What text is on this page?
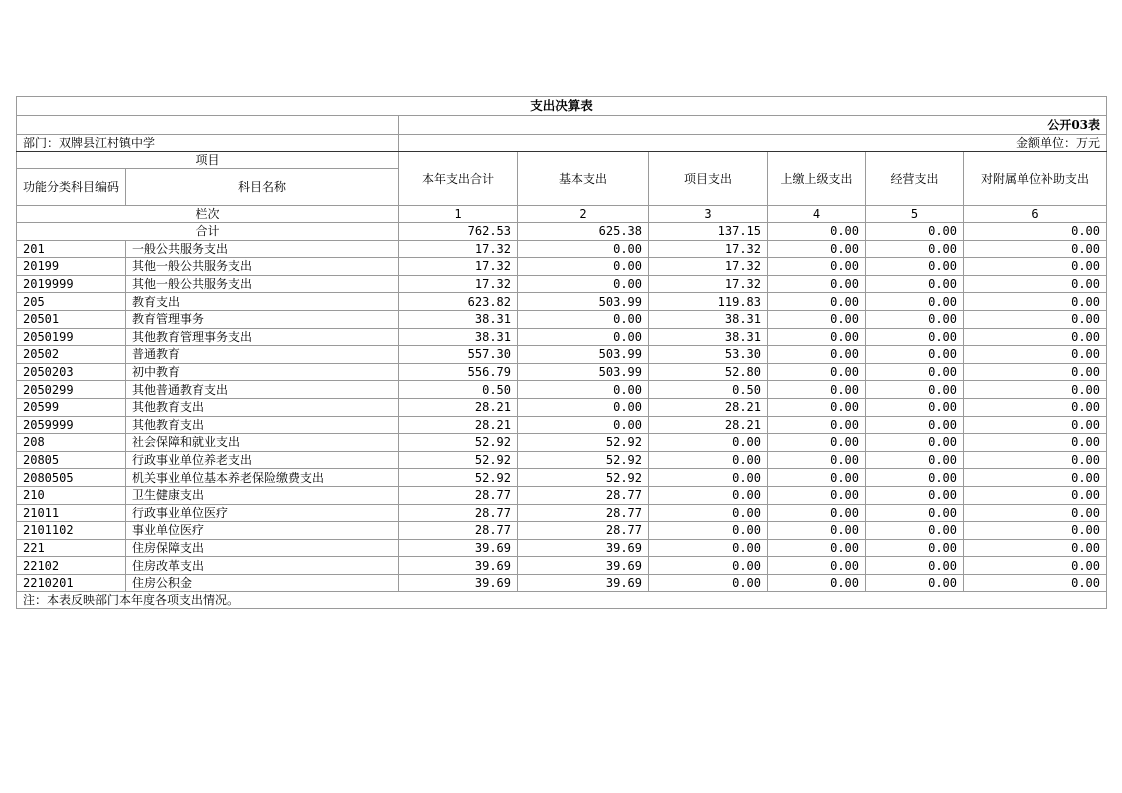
支出决算表							
		公开03表					
部门：双牌县江村镇中学		金额单位：万元					
项目		本年支出合计	基本支出	项目支出	上缴上级支出	经营支出	对附属单位补助支出
功能分类科目编码	科目名称						
栏次		1	2	3	4	5	6
合计		762.53	625.38	137.15	0.00	0.00	0.00
201	一般公共服务支出	17.32	0.00	17.32	0.00	0.00	0.00
20199	其他一般公共服务支出	17.32	0.00	17.32	0.00	0.00	0.00
2019999	其他一般公共服务支出	17.32	0.00	17.32	0.00	0.00	0.00
205	教育支出	623.82	503.99	119.83	0.00	0.00	0.00
20501	教育管理事务	38.31	0.00	38.31	0.00	0.00	0.00
2050199	其他教育管理事务支出	38.31	0.00	38.31	0.00	0.00	0.00
20502	普通教育	557.30	503.99	53.30	0.00	0.00	0.00
2050203	初中教育	556.79	503.99	52.80	0.00	0.00	0.00
2050299	其他普通教育支出	0.50	0.00	0.50	0.00	0.00	0.00
20599	其他教育支出	28.21	0.00	28.21	0.00	0.00	0.00
2059999	其他教育支出	28.21	0.00	28.21	0.00	0.00	0.00
208	社会保障和就业支出	52.92	52.92	0.00	0.00	0.00	0.00
20805	行政事业单位养老支出	52.92	52.92	0.00	0.00	0.00	0.00
2080505	机关事业单位基本养老保险缴费支出	52.92	52.92	0.00	0.00	0.00	0.00
210	卫生健康支出	28.77	28.77	0.00	0.00	0.00	0.00
21011	行政事业单位医疗	28.77	28.77	0.00	0.00	0.00	0.00
2101102	事业单位医疗	28.77	28.77	0.00	0.00	0.00	0.00
221	住房保障支出	39.69	39.69	0.00	0.00	0.00	0.00
22102	住房改革支出	39.69	39.69	0.00	0.00	0.00	0.00
2210201	住房公积金	39.69	39.69	0.00	0.00	0.00	0.00
注：本表反映部门本年度各项支出情况。							
